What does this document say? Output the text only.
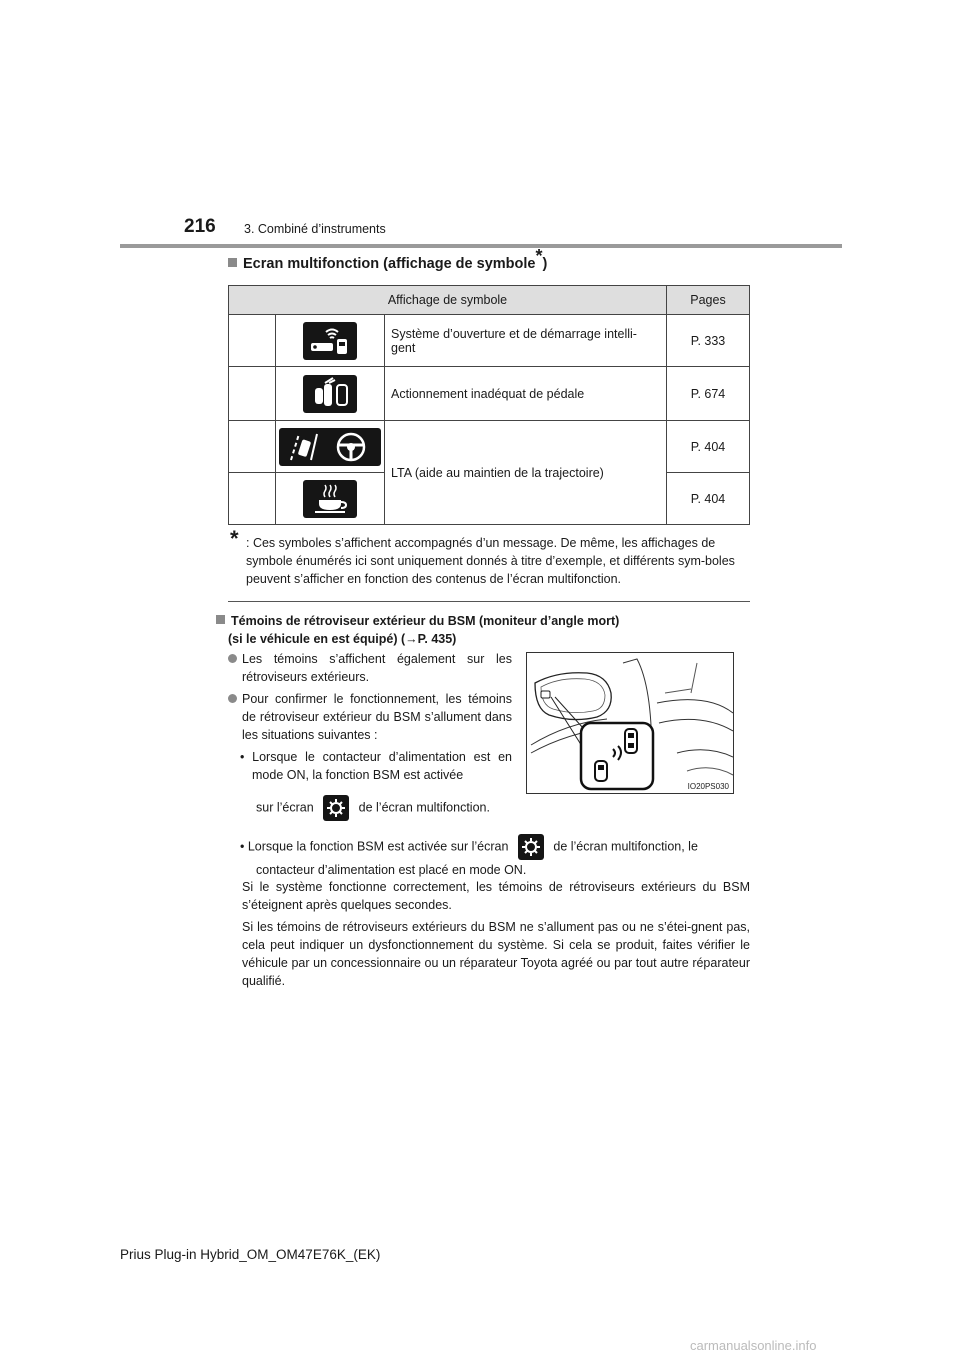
216 3. Combiné d’instruments
Ecran multifonction (affichage de symbole*)
Affichage de symbole			Pages
		Système d’ouverture et de démarrage intelli-gent	P. 333
		Actionnement inadéquat de pédale	P. 674
		LTA (aide au maintien de la trajectoire)	P. 404
		P. 404
* : Ces symboles s’affichent accompagnés d’un message. De même, les affichages de symbole énumérés ici sont uniquement donnés à titre d’exemple, et différents sym-boles peuvent s’afficher en fonction des contenus de l’écran multifonction.
Témoins de rétroviseur extérieur du BSM (moniteur d’angle mort)
(si le véhicule en est équipé) (→P. 435)
Les témoins s’affichent également sur les rétroviseurs extérieurs.
Pour confirmer le fonctionnement, les témoins de rétroviseur extérieur du BSM s’allument dans les situations suivantes :
• Lorsque le contacteur d’alimentation est en mode ON, la fonction BSM est activée
sur l’écran	de l’écran multifonction.
• Lorsque la fonction BSM est activée sur l’écran	de l’écran multifonction, le
contacteur d’alimentation est placé en mode ON.
Si le système fonctionne correctement, les témoins de rétroviseurs extérieurs du BSM s’éteignent après quelques secondes.
Si les témoins de rétroviseurs extérieurs du BSM ne s’allument pas ou ne s’étei-gnent pas, cela peut indiquer un dysfonctionnement du système. Si cela se produit, faites vérifier le véhicule par un concessionnaire ou un réparateur Toyota agréé ou par tout autre réparateur qualifié.
IO20PS030
Prius Plug-in Hybrid_OM_OM47E76K_(EK)
carmanualsonline.info
